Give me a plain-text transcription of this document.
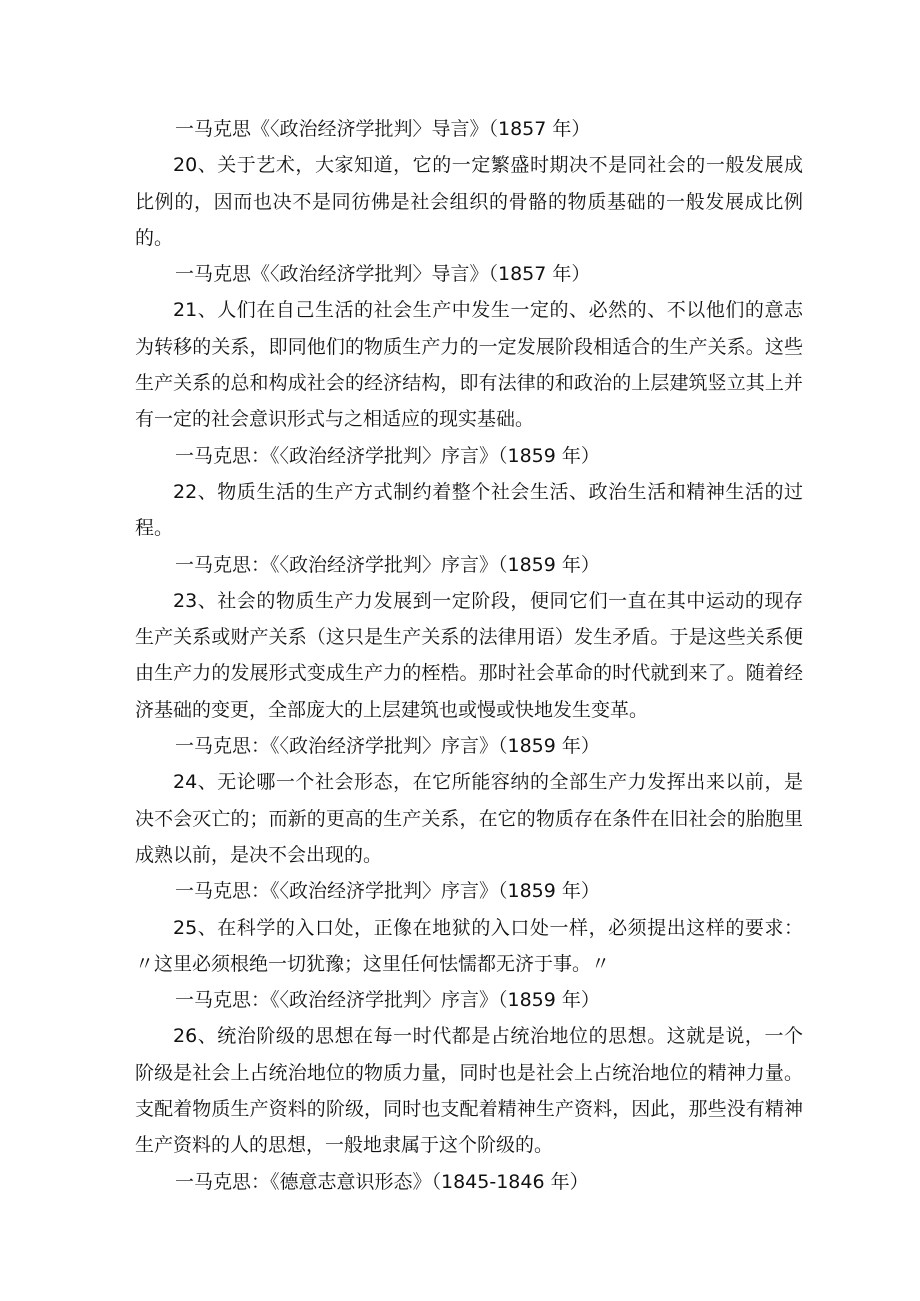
一马克思《〈政治经济学批判〉导言》（1857 年）

20、关于艺术，大家知道，它的一定繁盛时期决不是同社会的一般发展成比例的，因而也决不是同彷佛是社会组织的骨骼的物质基础的一般发展成比例的。

一马克思《〈政治经济学批判〉导言》（1857 年）

21、人们在自己生活的社会生产中发生一定的、必然的、不以他们的意志为转移的关系，即同他们的物质生产力的一定发展阶段相适合的生产关系。这些生产关系的总和构成社会的经济结构，即有法律的和政治的上层建筑竖立其上并有一定的社会意识形式与之相适应的现实基础。

一马克思：《〈政治经济学批判〉序言》（1859 年）

22、物质生活的生产方式制约着整个社会生活、政治生活和精神生活的过程。

一马克思：《〈政治经济学批判〉序言》（1859 年）

23、社会的物质生产力发展到一定阶段，便同它们一直在其中运动的现存生产关系或财产关系（这只是生产关系的法律用语）发生矛盾。于是这些关系便由生产力的发展形式变成生产力的桎梏。那时社会革命的时代就到来了。随着经济基础的变更，全部庞大的上层建筑也或慢或快地发生变革。

一马克思：《〈政治经济学批判〉序言》（1859 年）

24、无论哪一个社会形态，在它所能容纳的全部生产力发挥出来以前，是决不会灭亡的；而新的更高的生产关系，在它的物质存在条件在旧社会的胎胞里成熟以前，是决不会出现的。

一马克思：《〈政治经济学批判〉序言》（1859 年）

25、在科学的入口处，正像在地狱的入口处一样，必须提出这样的要求：〃这里必须根绝一切犹豫；这里任何怯懦都无济于事。〃

一马克思：《〈政治经济学批判〉序言》（1859 年）

26、统治阶级的思想在每一时代都是占统治地位的思想。这就是说，一个阶级是社会上占统治地位的物质力量，同时也是社会上占统治地位的精神力量。支配着物质生产资料的阶级，同时也支配着精神生产资料，因此，那些没有精神生产资料的人的思想，一般地隶属于这个阶级的。

一马克思：《德意志意识形态》（1845-1846 年）
